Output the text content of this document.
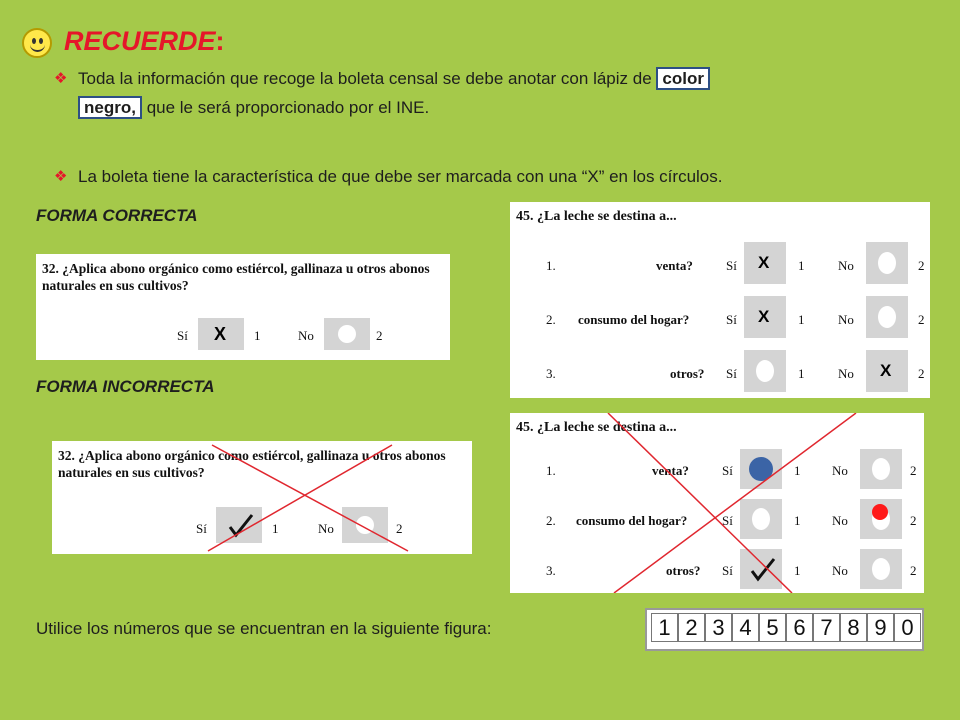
RECUERDE:
❖ Toda la información que recoge la boleta censal se debe anotar con lápiz de color
negro, que le será proporcionado por el INE.
❖ La boleta tiene la característica de que debe ser marcada con una “X” en los círculos.
FORMA CORRECTA
FORMA INCORRECTA
32. ¿Aplica abono orgánico como estiércol, gallinaza u otros abonos naturales en sus cultivos?
Sí X 1	No	2
45. ¿La leche se destina a...
1.	venta?	Sí X 1	No	2
2. consumo del hogar?	Sí X 1	No	2
3.	otros? Sí	1	No X 2
32. ¿Aplica abono orgánico como estiércol, gallinaza u otros abonos naturales en sus cultivos?
Sí	1	No	2
45. ¿La leche se destina a...
1.	venta?	Sí	1 No	2
2. consumo del hogar?	Sí	1 No	2
3.	otros? Sí	1 No	2
Utilice los números que se encuentran en la siguiente figura:	1 2 3 4 5 6 7 8 9 0
